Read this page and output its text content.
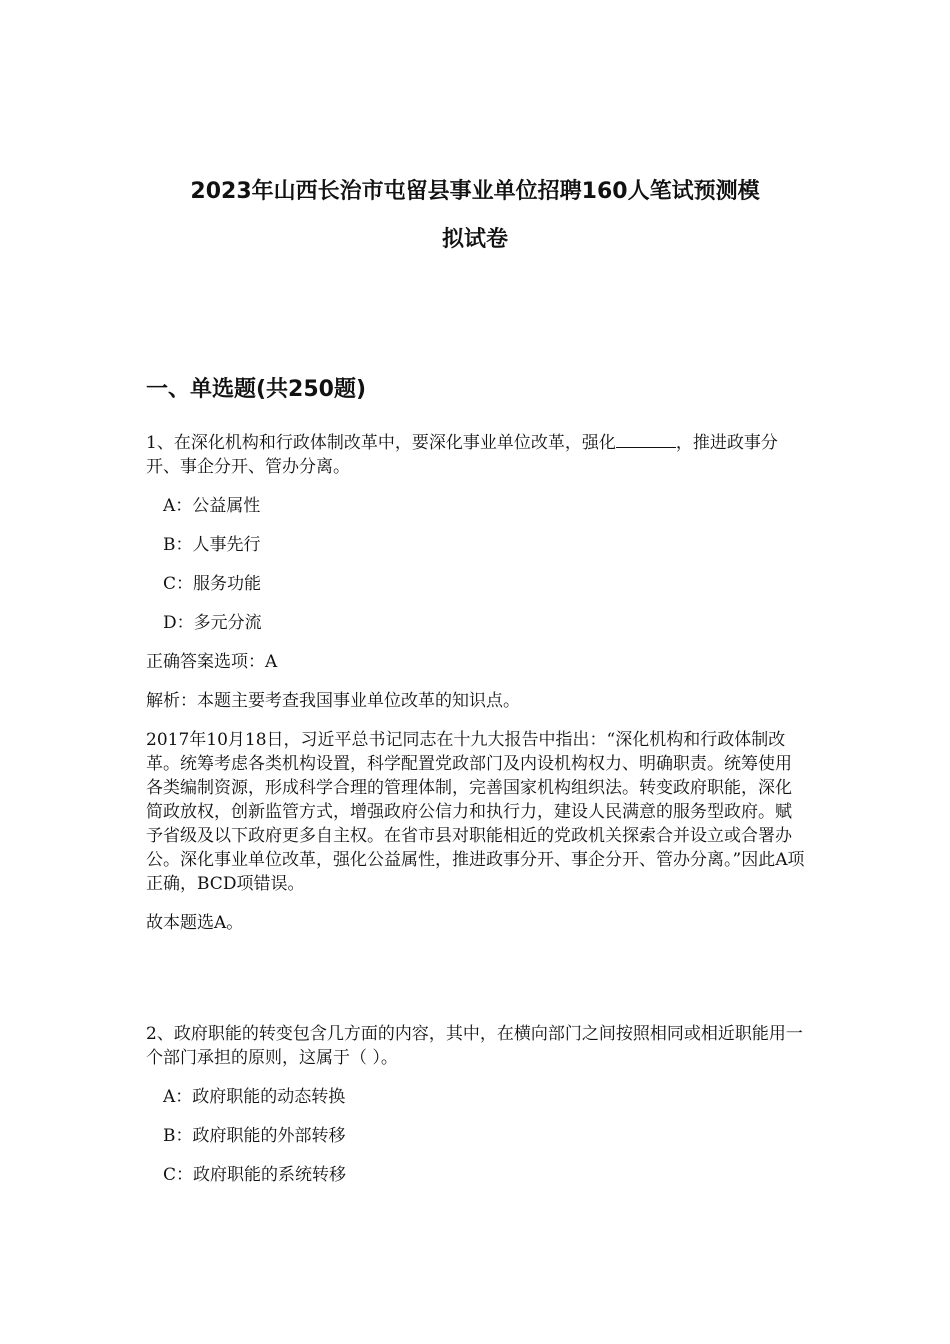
2023年山西长治市屯留县事业单位招聘160人笔试预测模
拟试卷
一、单选题(共250题)

1、在深化机构和行政体制改革中，要深化事业单位改革，强化	，推进政事分开、事企分开、管办分离。

A：公益属性

B：人事先行

C：服务功能

D：多元分流

正确答案选项：A

解析：本题主要考查我国事业单位改革的知识点。

2017年10月18日，习近平总书记同志在十九大报告中指出：“深化机构和行政体制改革。统筹考虑各类机构设置，科学配置党政部门及内设机构权力、明确职责。统筹使用各类编制资源，形成科学合理的管理体制，完善国家机构组织法。转变政府职能，深化简政放权，创新监管方式，增强政府公信力和执行力，建设人民满意的服务型政府。赋予省级及以下政府更多自主权。在省市县对职能相近的党政机关探索合并设立或合署办公。深化事业单位改革，强化公益属性，推进政事分开、事企分开、管办分离。”因此A项正确，BCD项错误。

故本题选A。

2、政府职能的转变包含几方面的内容，其中，在横向部门之间按照相同或相近职能用一个部门承担的原则，这属于（ ）。

A：政府职能的动态转换

B：政府职能的外部转移

C：政府职能的系统转移
